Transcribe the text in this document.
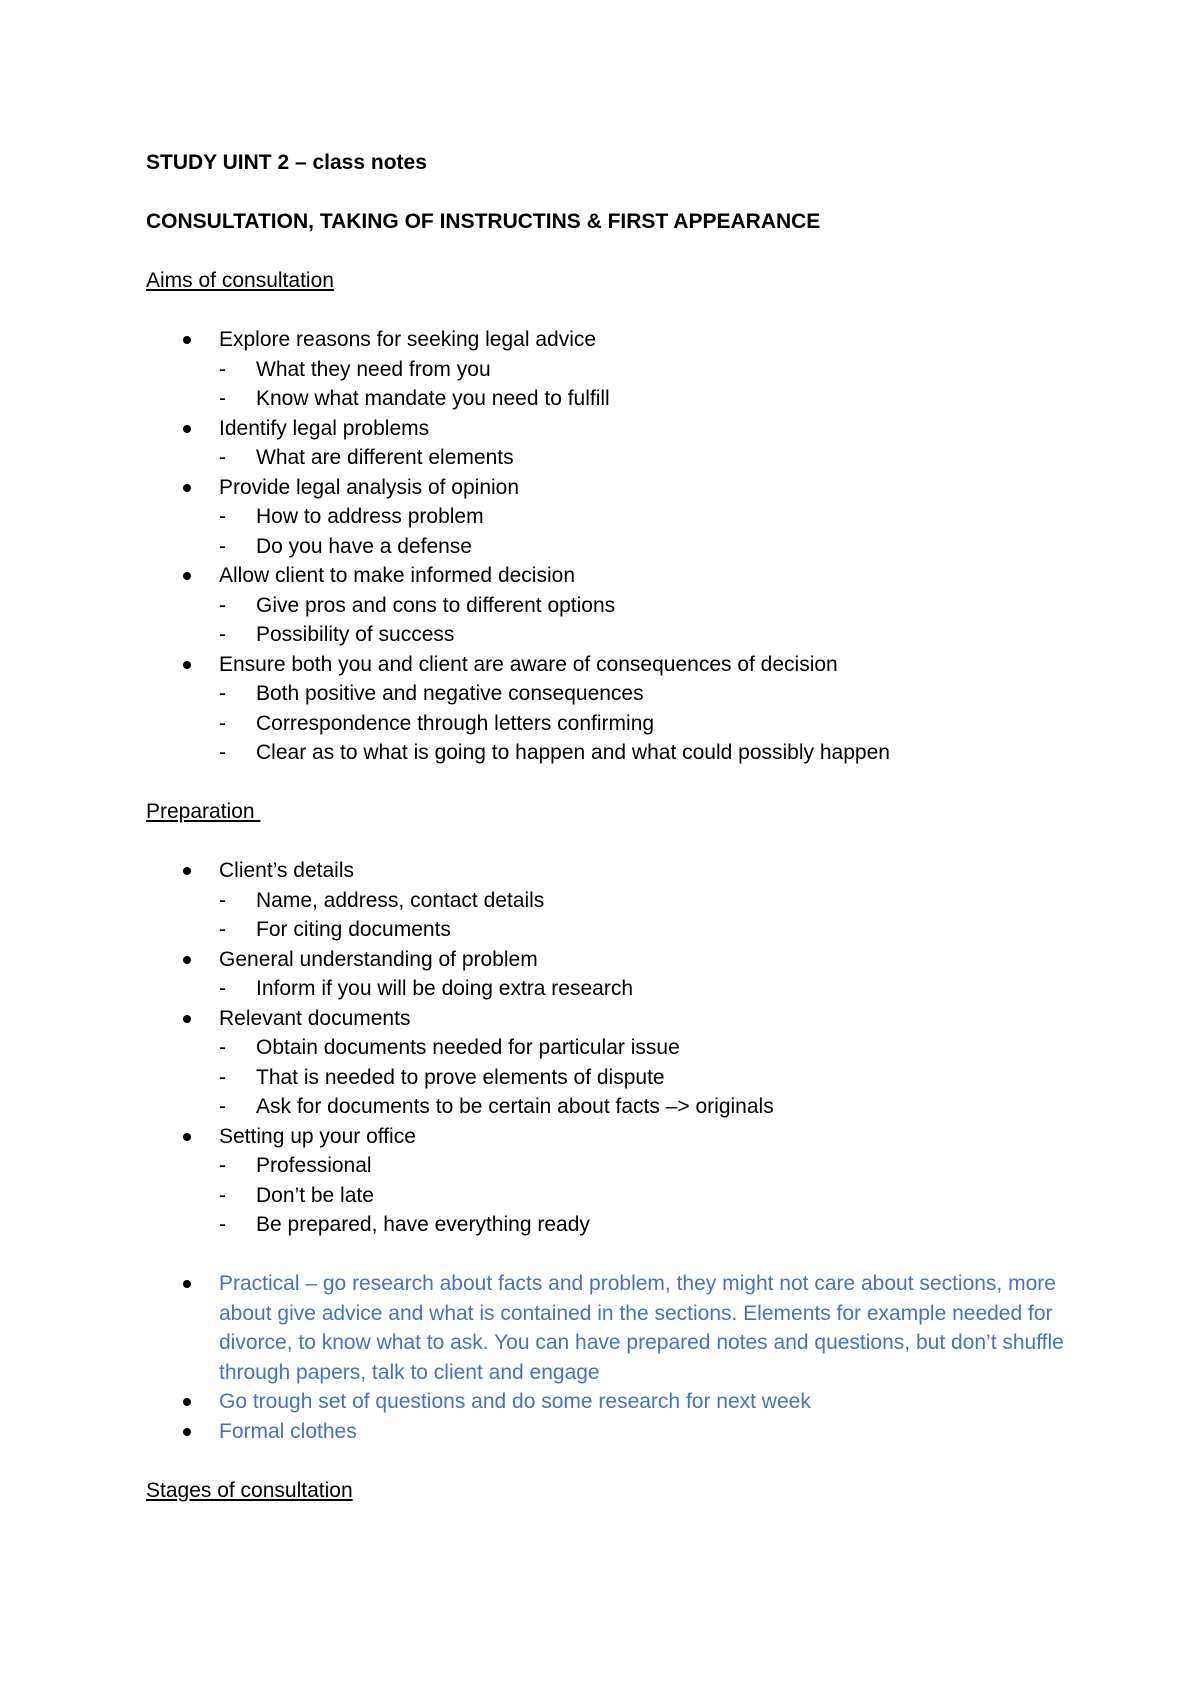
STUDY UINT 2 – class notes

CONSULTATION, TAKING OF INSTRUCTINS & FIRST APPEARANCE

Aims of consultation

Explore reasons for seeking legal advice
- What they need from you
- Know what mandate you need to fulfill
Identify legal problems
- What are different elements
Provide legal analysis of opinion
- How to address problem
- Do you have a defense
Allow client to make informed decision
- Give pros and cons to different options
- Possibility of success
Ensure both you and client are aware of consequences of decision
- Both positive and negative consequences
- Correspondence through letters confirming
- Clear as to what is going to happen and what could possibly happen

Preparation

Client’s details
- Name, address, contact details
- For citing documents
General understanding of problem
- Inform if you will be doing extra research
Relevant documents
- Obtain documents needed for particular issue
- That is needed to prove elements of dispute
- Ask for documents to be certain about facts –> originals
Setting up your office
- Professional
- Don’t be late
- Be prepared, have everything ready
Practical – go research about facts and problem, they might not care about sections, more about give advice and what is contained in the sections. Elements for example needed for divorce, to know what to ask. You can have prepared notes and questions, but don’t shuffle through papers, talk to client and engage
Go trough set of questions and do some research for next week
Formal clothes

Stages of consultation
